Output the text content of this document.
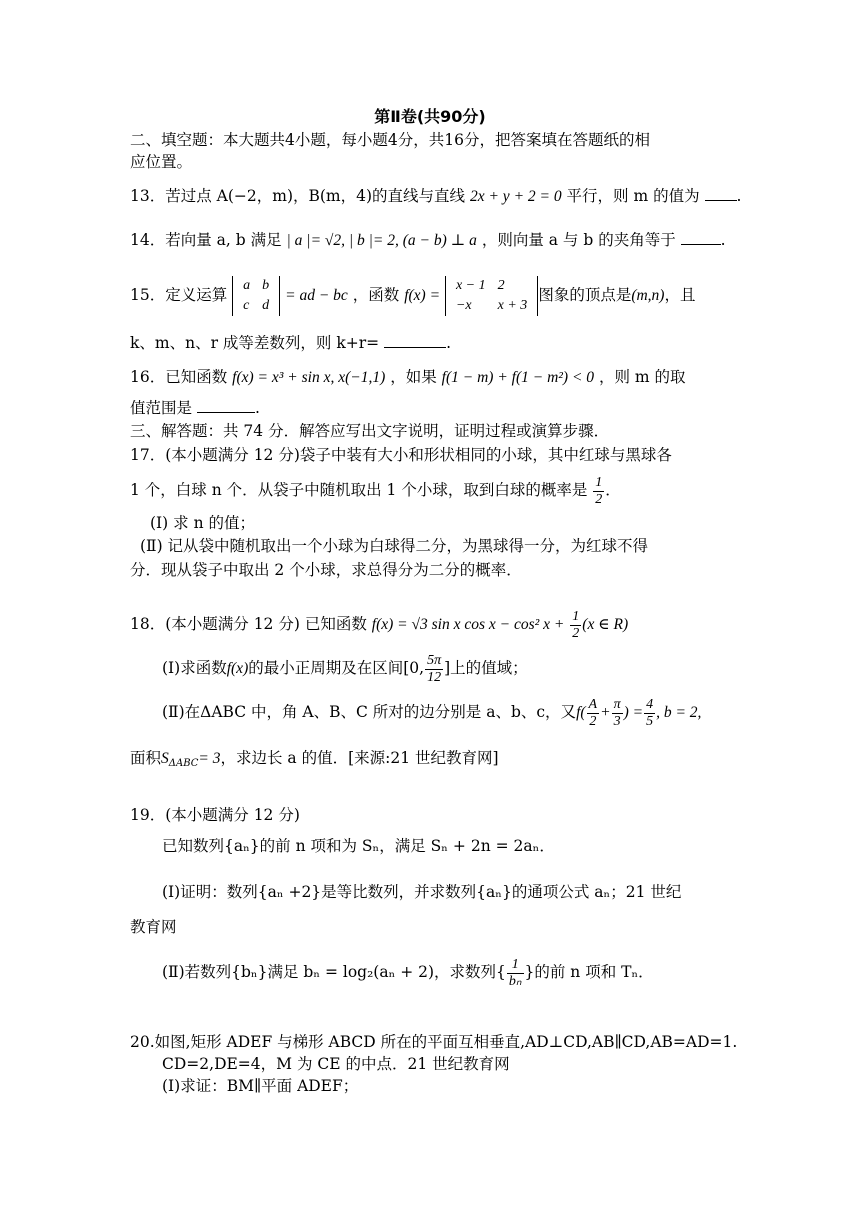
第Ⅱ卷(共90分)
二、填空题：本大题共4小题，每小题4分，共16分，把答案填在答题纸的相
应位置。
13．苦过点 A(−2，m)，B(m，4)的直线与直线 2x + y + 2 = 0 平行，则 m 的值为 .
14．若向量 a, b 满足 | a |= √2, | b |= 2, (a − b) ⊥ a ，则向量 a 与 b 的夹角等于	.
15．定义运算
a	b
c	d
= ad − bc ，函数 f(x) =
x − 1	2
−x	x + 3
图象的顶点是(m,n)，且
k、m、n、r 成等差数列，则 k+r=	.
16．已知函数 f(x) = x³ + sin x, x(−1,1) ，如果 f(1 − m) + f(1 − m²) < 0 ，则 m 的取
值范围是	.
三、解答题：共 74 分．解答应写出文字说明，证明过程或演算步骤．
17．(本小题满分 12 分)袋子中装有大小和形状相同的小球，其中红球与黑球各
1 个，白球 n 个．从袋子中随机取出 1 个小球，取到白球的概率是 $\frac{1}{2}$ ．
(Ⅰ) 求 n 的值；
(Ⅱ) 记从袋中随机取出一个小球为白球得二分，为黑球得一分，为红球不得
分．现从袋子中取出 2 个小球，求总得分为二分的概率．
18．(本小题满分 12 分) 已知函数 f(x) = √3 sin x cos x − cos² $x + \frac{1}{2} (x$ ∈ R)
(Ⅰ)求函数f(x)的最小正周期及在区间[0, $\frac{5\pi}{12}$ ]上的值域；
(Ⅱ)在ΔABC 中，角 A、B、C 所对的边分别是 a、b、c，又$f( \frac{A}{2} + \frac{\pi}{3}$ ) = $\frac{4}{5}$ , b = 2,
面积$S_{\Delta ABC}= 3$，求边长 a 的值．[来源:21 世纪教育网]
19．(本小题满分 12 分)
已知数列{aₙ}的前 n 项和为 Sₙ，满足 Sₙ + 2n = 2aₙ．
(Ⅰ)证明：数列{aₙ +2}是等比数列，并求数列{aₙ}的通项公式 aₙ；21 世纪
教育网
(Ⅱ)若数列{bₙ}满足 bₙ = log₂(aₙ + 2)，求数列{ $\frac{1}{\text{bₙ}}$ }的前 n 项和 Tₙ．
20.如图,矩形 ADEF 与梯形 ABCD 所在的平面互相垂直,AD⊥CD,AB∥CD,AB=AD=1.
CD=2,DE=4，M 为 CE 的中点．21 世纪教育网
(Ⅰ)求证：BM∥平面 ADEF；
